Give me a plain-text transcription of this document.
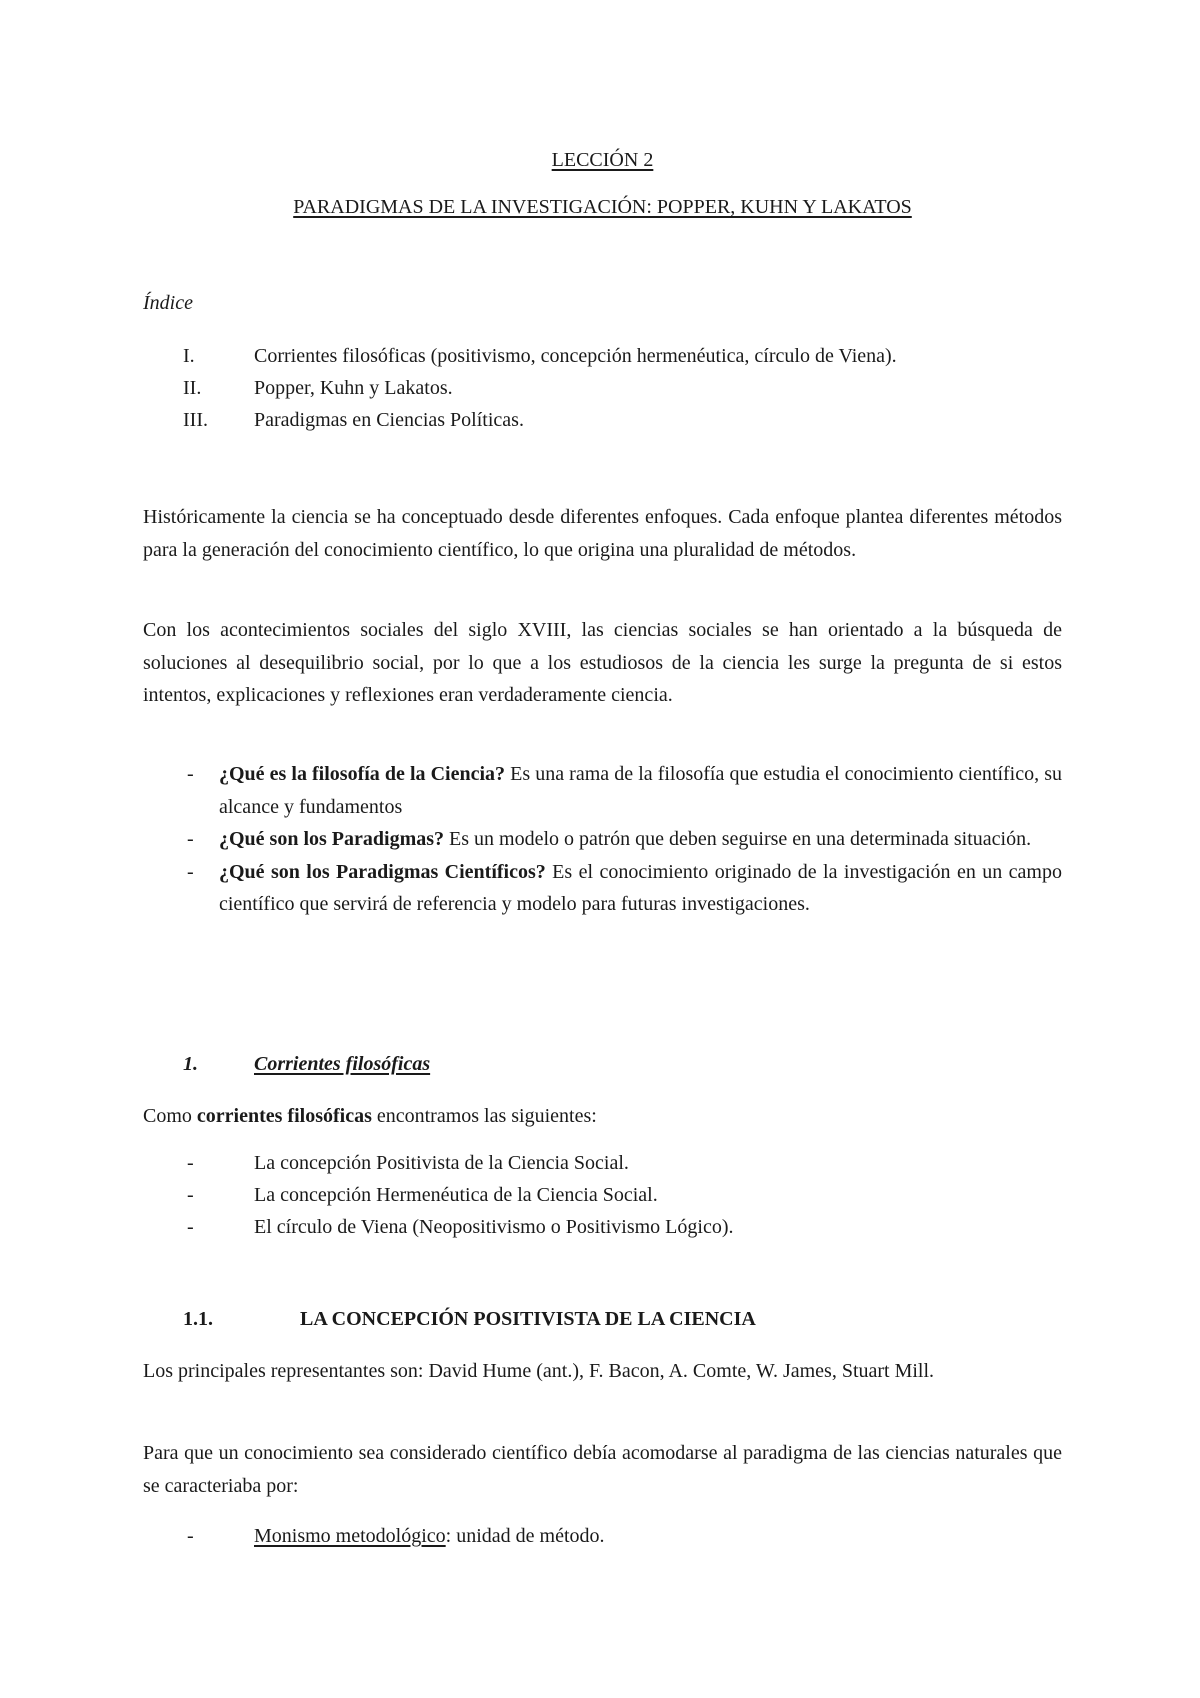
LECCIÓN 2
PARADIGMAS DE LA INVESTIGACIÓN: POPPER, KUHN Y LAKATOS

Índice

I.	Corrientes filosóficas (positivismo, concepción hermenéutica, círculo de Viena).
II.	Popper, Kuhn y Lakatos.
III. Paradigmas en Ciencias Políticas.

Históricamente la ciencia se ha conceptuado desde diferentes enfoques. Cada enfoque plantea diferentes métodos para la generación del conocimiento científico, lo que origina una pluralidad de métodos.

Con los acontecimientos sociales del siglo XVIII, las ciencias sociales se han orientado a la búsqueda de soluciones al desequilibrio social, por lo que a los estudiosos de la ciencia les surge la pregunta de si estos intentos, explicaciones y reflexiones eran verdaderamente ciencia.

- ¿Qué es la filosofía de la Ciencia? Es una rama de la filosofía que estudia el conocimiento científico, su alcance y fundamentos
- ¿Qué son los Paradigmas? Es un modelo o patrón que deben seguirse en una determinada situación.
- ¿Qué son los Paradigmas Científicos? Es el conocimiento originado de la investigación en un campo científico que servirá de referencia y modelo para futuras investigaciones.
1.	Corrientes filosóficas

Como corrientes filosóficas encontramos las siguientes:

-	La concepción Positivista de la Ciencia Social.
-	La concepción Hermenéutica de la Ciencia Social.
-	El círculo de Viena (Neopositivismo o Positivismo Lógico).
1.1.	LA CONCEPCIÓN POSITIVISTA DE LA CIENCIA

Los principales representantes son: David Hume (ant.), F. Bacon, A. Comte, W. James, Stuart Mill.

Para que un conocimiento sea considerado científico debía acomodarse al paradigma de las ciencias naturales que se caracteriaba por:

-	Monismo metodológico: unidad de método.
